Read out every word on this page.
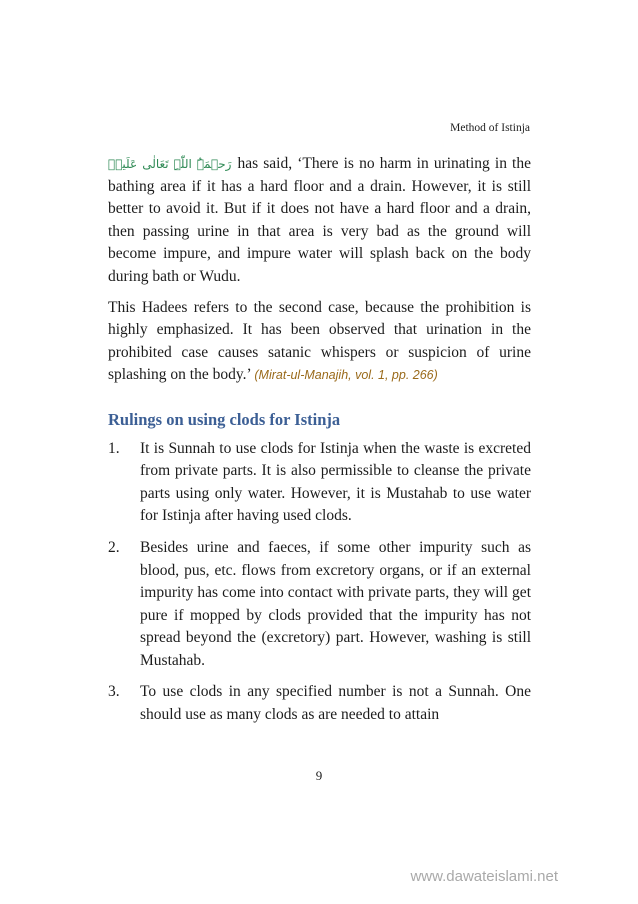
Method of Istinja

رَحۡمَۃُ اللّٰہِ تَعَالٰی عَلَیۡہ has said, ‘There is no harm in urinating in the bathing area if it has a hard floor and a drain. However, it is still better to avoid it. But if it does not have a hard floor and a drain, then passing urine in that area is very bad as the ground will become impure, and impure water will splash back on the body during bath or Wudu.

This Hadees refers to the second case, because the prohibition is highly emphasized. It has been observed that urination in the prohibited case causes satanic whispers or suspicion of urine splashing on the body.’ (Mirat-ul-Manajih, vol. 1, pp. 266)

Rulings on using clods for Istinja
1.	It is Sunnah to use clods for Istinja when the waste is excreted from private parts. It is also permissible to cleanse the private parts using only water. However, it is Mustahab to use water for Istinja after having used clods.
2.	Besides urine and faeces, if some other impurity such as blood, pus, etc. flows from excretory organs, or if an external impurity has come into contact with private parts, they will get pure if mopped by clods provided that the impurity has not spread beyond the (excretory) part. However, washing is still Mustahab.
3.	To use clods in any specified number is not a Sunnah. One should use as many clods as are needed to attain
9
www.dawateislami.net
